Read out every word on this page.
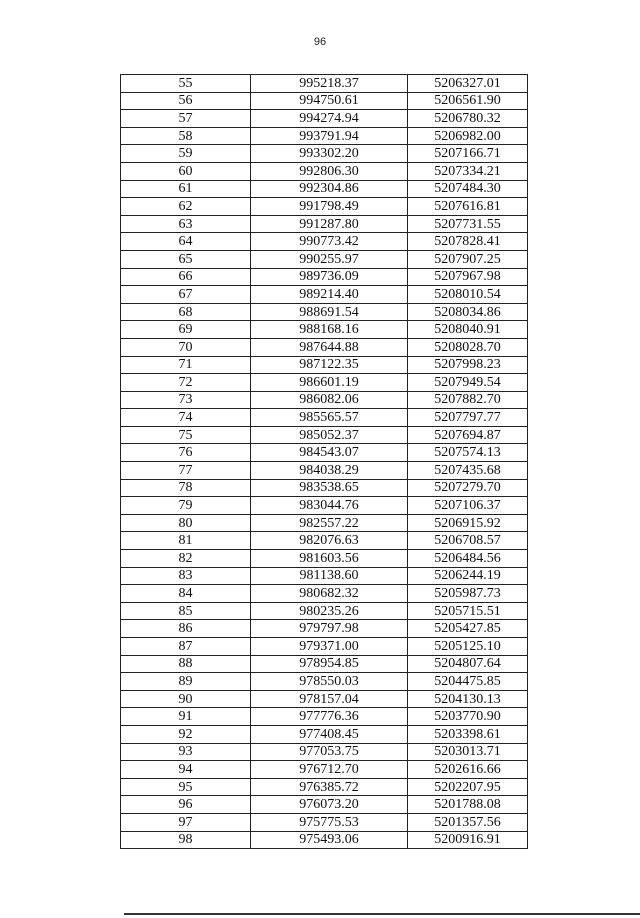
96
55	995218.37	5206327.01
56	994750.61	5206561.90
57	994274.94	5206780.32
58	993791.94	5206982.00
59	993302.20	5207166.71
60	992806.30	5207334.21
61	992304.86	5207484.30
62	991798.49	5207616.81
63	991287.80	5207731.55
64	990773.42	5207828.41
65	990255.97	5207907.25
66	989736.09	5207967.98
67	989214.40	5208010.54
68	988691.54	5208034.86
69	988168.16	5208040.91
70	987644.88	5208028.70
71	987122.35	5207998.23
72	986601.19	5207949.54
73	986082.06	5207882.70
74	985565.57	5207797.77
75	985052.37	5207694.87
76	984543.07	5207574.13
77	984038.29	5207435.68
78	983538.65	5207279.70
79	983044.76	5207106.37
80	982557.22	5206915.92
81	982076.63	5206708.57
82	981603.56	5206484.56
83	981138.60	5206244.19
84	980682.32	5205987.73
85	980235.26	5205715.51
86	979797.98	5205427.85
87	979371.00	5205125.10
88	978954.85	5204807.64
89	978550.03	5204475.85
90	978157.04	5204130.13
91	977776.36	5203770.90
92	977408.45	5203398.61
93	977053.75	5203013.71
94	976712.70	5202616.66
95	976385.72	5202207.95
96	976073.20	5201788.08
97	975775.53	5201357.56
98	975493.06	5200916.91
